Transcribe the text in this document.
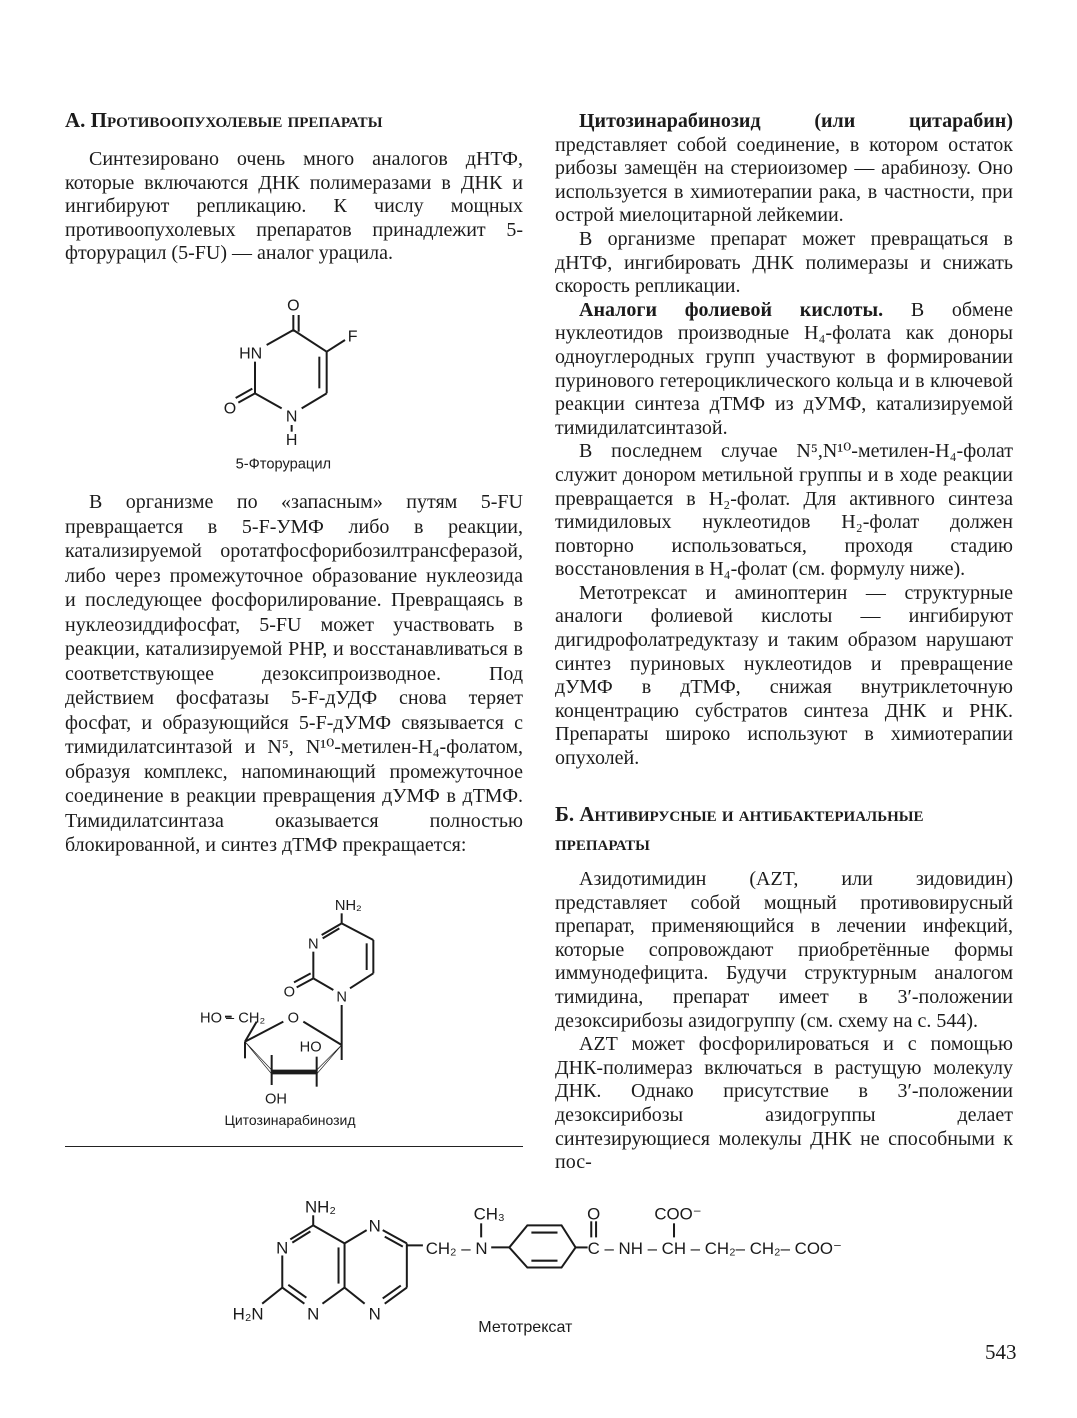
А. Противоопухолевые препараты

Синтезировано очень много аналогов дНТФ, которые включаются ДНК полимеразами в ДНК и ингибируют репликацию. К числу мощных противоопухолевых препаратов принадлежит 5-фторурацил (5-FU) — аналог урацила.

O
F
HN
O N
H
5-Фторурацил

В организме по «запасным» путям 5-FU превращается в 5-F-УМФ либо в реакции, катализируемой оротатфосфорибозилтрансферазой, либо через промежуточное образование нуклеозида и последующее фосфорилирование. Превращаясь в нуклеозиддифосфат, 5-FU может участвовать в реакции, катализируемой РНР, и восстанавливаться в соответствующее дезоксипроизводное. Под действием фосфатазы 5-F-дУДФ снова теряет фосфат, и образующийся 5-F-дУМФ связывается с тимидилатсинтазой и N⁵, N¹⁰-метилен-H₄-фолатом, образуя комплекс, напоминающий промежуточное соединение в реакции превращения дУМФ в дТМФ. Тимидилатсинтаза оказывается полностью блокированной, и синтез дТМФ прекращается:

NH₂
N
O N
HO – CH₂ O
HO
OH
Цитозинарабинозид

Цитозинарабинозид (или цитарабин) представляет собой соединение, в котором остаток рибозы замещён на стериоизомер — арабинозу. Оно используется в химиотерапии рака, в частности, при острой миелоцитарной лейкемии.

В организме препарат может превращаться в дНТФ, ингибировать ДНК полимеразы и снижать скорость репликации.

Аналоги фолиевой кислоты. В обмене нуклеотидов производные H₄-фолата как доноры одноуглеродных групп участвуют в формировании пуринового гетероциклического кольца и в ключевой реакции синтеза дТМФ из дУМФ, катализируемой тимидилатсинтазой.

В последнем случае N⁵,N¹⁰-метилен-H₄-фолат служит донором метильной группы и в ходе реакции превращается в H₂-фолат. Для активного синтеза тимидиловых нуклеотидов H₂-фолат должен повторно использоваться, проходя стадию восстановления в H₄-фолат (см. формулу ниже).

Метотрексат и аминоптерин — структурные аналоги фолиевой кислоты — ингибируют дигидрофолатредуктазу и таким образом нарушают синтез пуриновых нуклеотидов и превращение дУМФ в дТМФ, снижая внутриклеточную концентрацию субстратов синтеза ДНК и РНК. Препараты широко используют в химиотерапии опухолей.

Б. Антивирусные и антибактериальные препараты

Азидотимидин (AZT, или зидовидин) представляет собой мощный противовирусный препарат, применяющийся в лечении инфекций, которые сопровождают приобретённые формы иммунодефицита. Будучи структурным аналогом тимидина, препарат имеет в 3′-положении дезоксирибозы азидогруппу (см. схему на с. 544).

AZT может фосфорилироваться и с помощью ДНК-полимераз включаться в растущую молекулу ДНК. Однако присутствие в 3′-положении дезоксирибозы азидогруппы делает синтезирующиеся молекулы ДНК не способными к пос-

NH₂
N
N
H₂N
N
N
CH₂ – N
CH₃ O
C – NH – CH – CH₂– CH₂– COO⁻
COO⁻
Метотрексат
543
